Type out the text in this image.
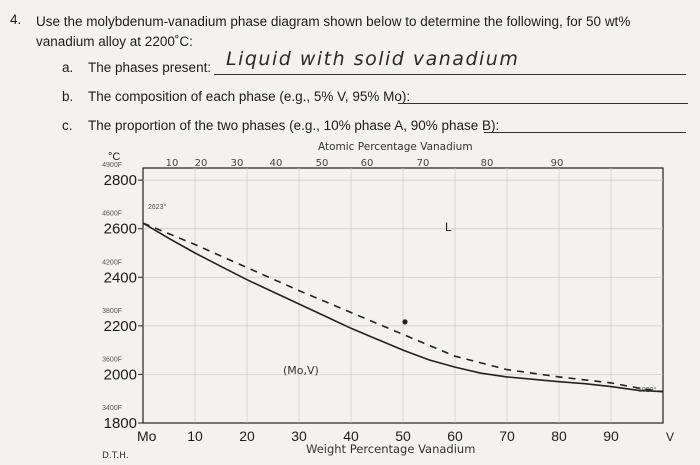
4. Use the molybdenum-vanadium phase diagram shown below to determine the following, for 50 wt% vanadium alloy at 2200˚C:
a. The phases present: Liquid with solid vanadium
b. The composition of each phase (e.g., 5% V, 95% Mo):
c. The proportion of the two phases (e.g., 10% phase A, 90% phase B):
2800
4900F
2600
4600F
2400
4200F
2200
3800F
2000
3600F
1800
3400F
10 20 30	40	50	60	70	80	90
10	20	30	40	50	60	70	80	90
Atomic Percentage Vanadium
°C
2623°
1929°
L
(Mo,V)
Mo	V
Weight Percentage Vanadium
D.T.H.
